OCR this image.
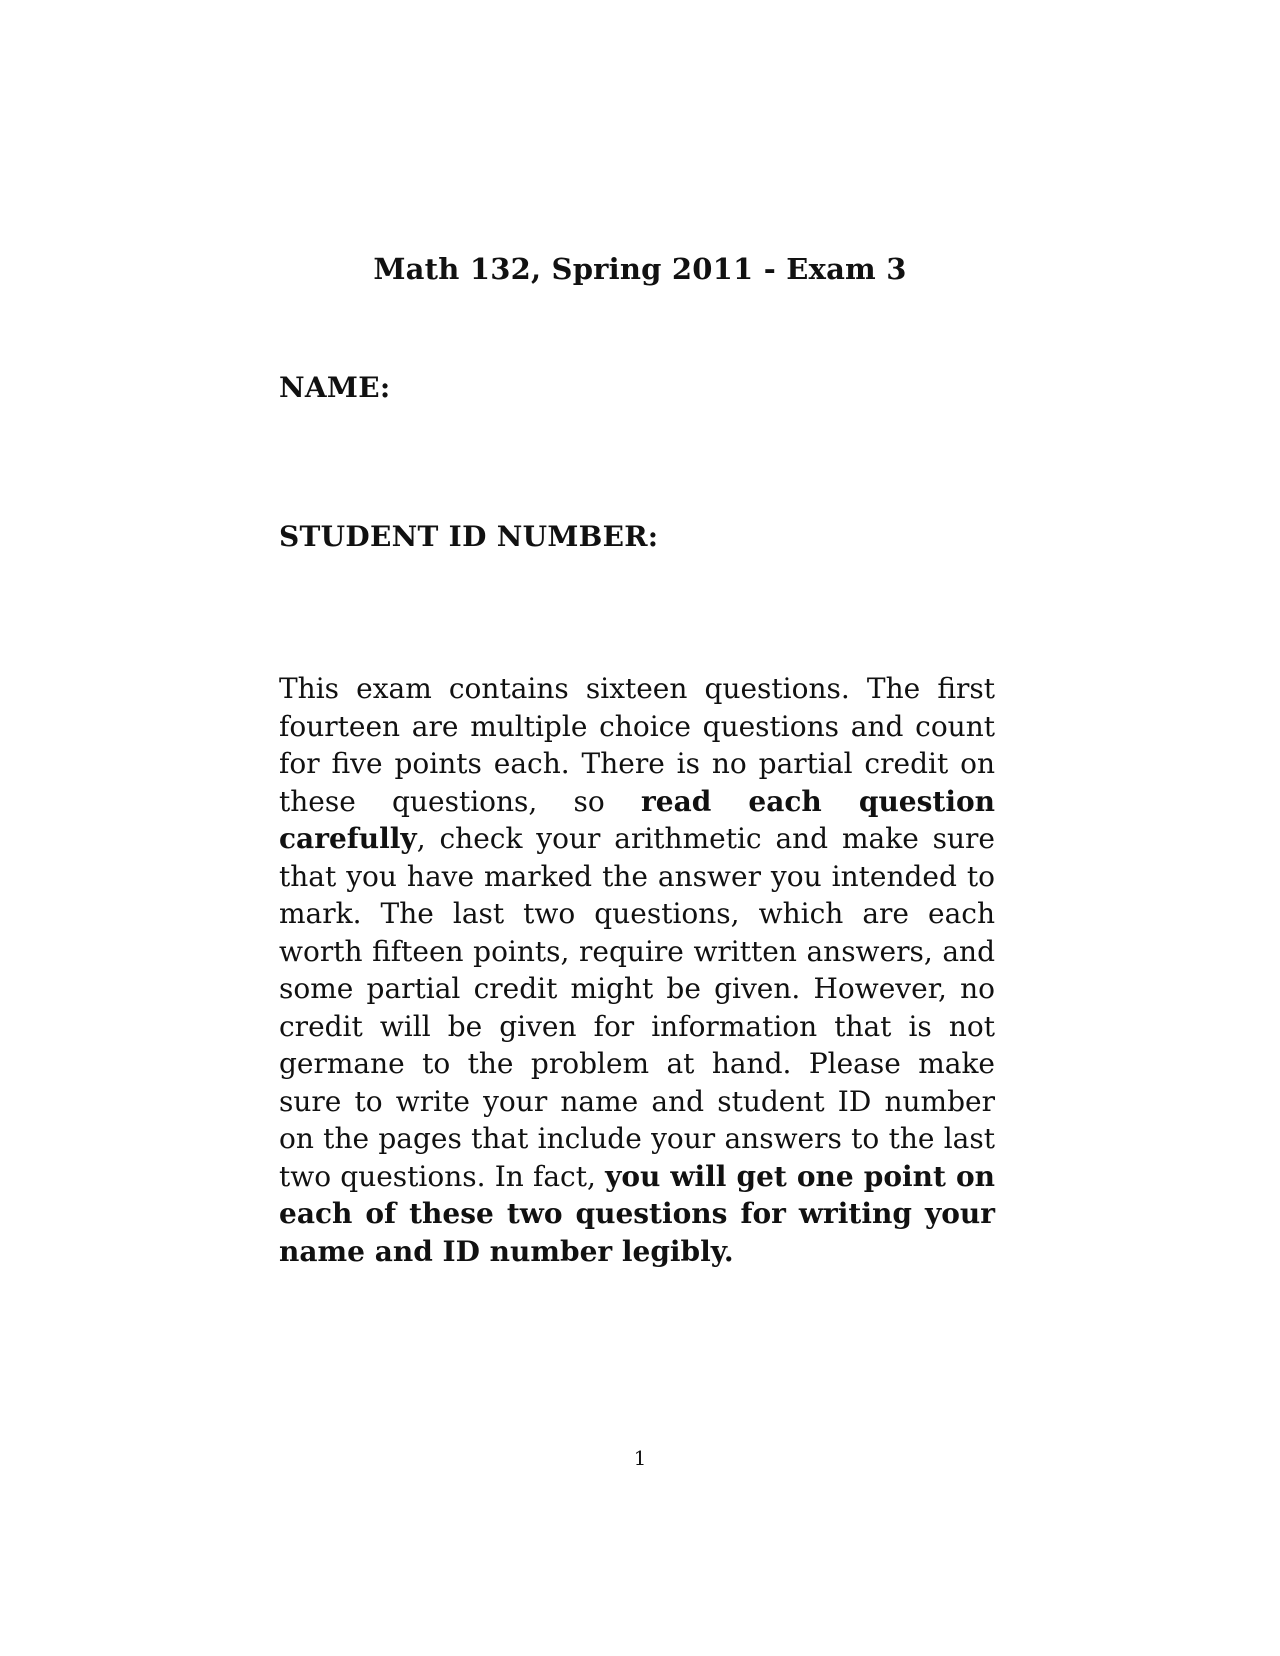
Math 132, Spring 2011 - Exam 3
NAME:
STUDENT ID NUMBER:

This exam contains sixteen questions. The first fourteen are multiple choice questions and count for five points each. There is no partial credit on these questions, so read each question carefully, check your arithmetic and make sure that you have marked the answer you intended to mark. The last two questions, which are each worth fifteen points, require written answers, and some partial credit might be given. However, no credit will be given for information that is not germane to the problem at hand. Please make sure to write your name and student ID number on the pages that include your answers to the last two questions. In fact, you will get one point on each of these two questions for writing your name and ID number legibly.

1
